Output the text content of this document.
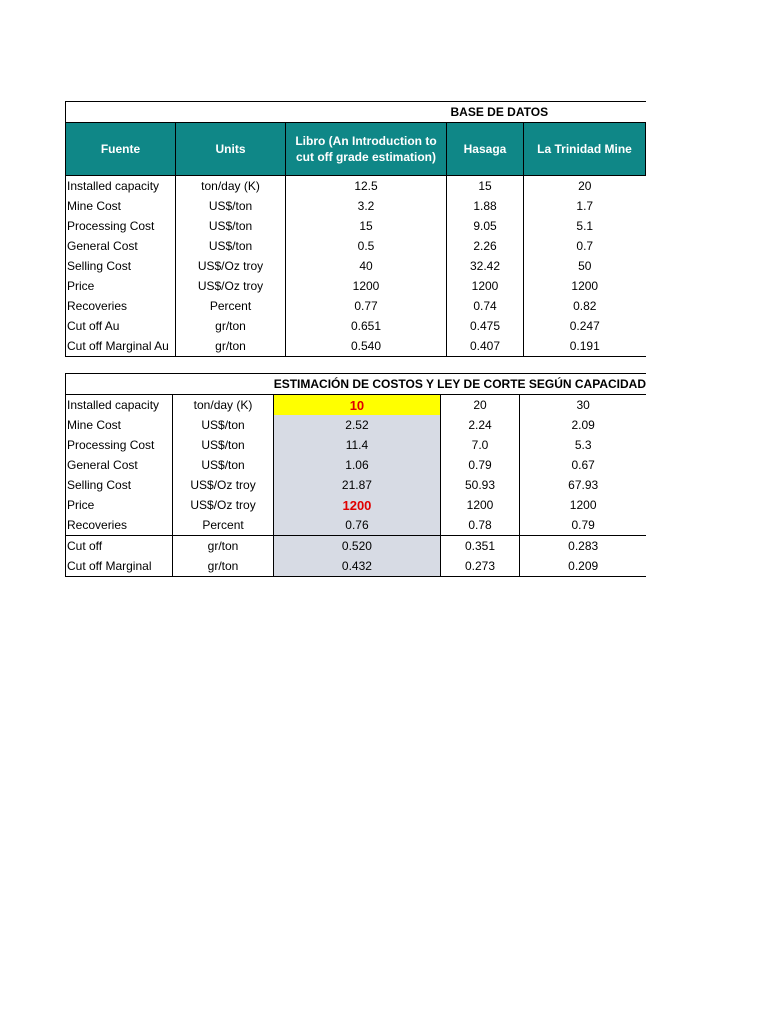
			BASE DE DATOS	
Fuente	Units	Libro (An Introduction to cut off grade estimation)	Hasaga	La Trinidad Mine
Installed capacity	ton/day (K)	12.5	15	20
Mine Cost	US$/ton	3.2	1.88	1.7
Processing Cost	US$/ton	15	9.05	5.1
General Cost	US$/ton	0.5	2.26	0.7
Selling Cost	US$/Oz troy	40	32.42	50
Price	US$/Oz troy	1200	1200	1200
Recoveries	Percent	0.77	0.74	0.82
Cut off Au	gr/ton	0.651	0.475	0.247
Cut off Marginal Au	gr/ton	0.540	0.407	0.191
		ESTIMACIÓN DE COSTOS Y LEY DE CORTE SEGÚN CAPACIDAD		
Installed capacity	ton/day (K)	10	20	30
Mine Cost	US$/ton	2.52	2.24	2.09
Processing Cost	US$/ton	11.4	7.0	5.3
General Cost	US$/ton	1.06	0.79	0.67
Selling Cost	US$/Oz troy	21.87	50.93	67.93
Price	US$/Oz troy	1200	1200	1200
Recoveries	Percent	0.76	0.78	0.79
Cut off	gr/ton	0.520	0.351	0.283
Cut off Marginal	gr/ton	0.432	0.273	0.209
